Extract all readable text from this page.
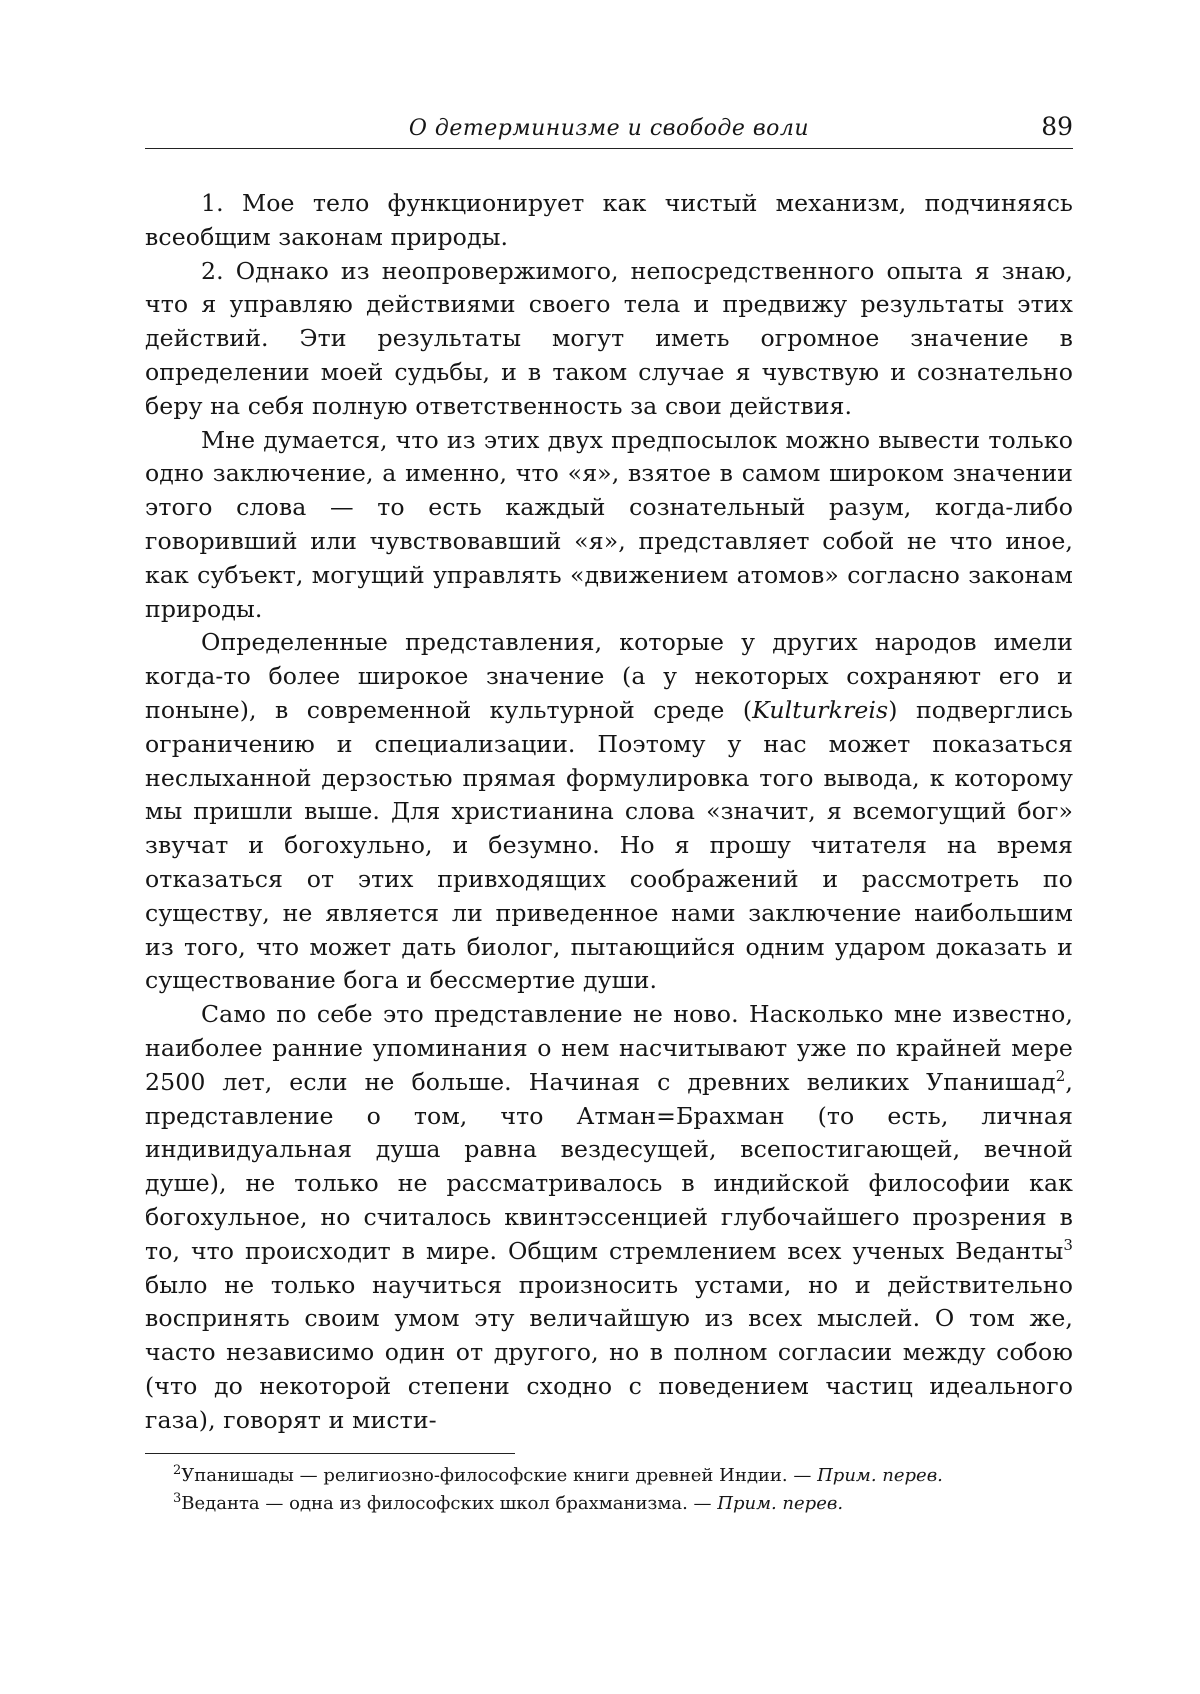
О детерминизме и свободе воли	89

1. Мое тело функционирует как чистый механизм, подчиняясь всеобщим законам природы.

2. Однако из неопровержимого, непосредственного опыта я знаю, что я управляю действиями своего тела и предвижу результаты этих действий. Эти результаты могут иметь огромное значение в определении моей судьбы, и в таком случае я чувствую и сознательно беру на себя полную ответственность за свои действия.

Мне думается, что из этих двух предпосылок можно вывести только одно заключение, а именно, что «я», взятое в самом широком значении этого слова — то есть каждый сознательный разум, когда-либо говоривший или чувствовавший «я», представляет собой не что иное, как субъект, могущий управлять «движением атомов» согласно законам природы.

Определенные представления, которые у других народов имели когда-то более широкое значение (а у некоторых сохраняют его и поныне), в современной культурной среде (Kulturkreis) подверглись ограничению и специализации. Поэтому у нас может показаться неслыханной дерзостью прямая формулировка того вывода, к которому мы пришли выше. Для христианина слова «значит, я всемогущий бог» звучат и богохульно, и безумно. Но я прошу читателя на время отказаться от этих привходящих соображений и рассмотреть по существу, не является ли приведенное нами заключение наибольшим из того, что может дать биолог, пытающийся одним ударом доказать и существование бога и бессмертие души.

Само по себе это представление не ново. Насколько мне известно, наиболее ранние упоминания о нем насчитывают уже по крайней мере 2500 лет, если не больше. Начиная с древних великих Упанишад$^2$, представление о том, что Атман=Брахман (то есть, личная индивидуальная душа равна вездесущей, всепостигающей, вечной душе), не только не рассматривалось в индийской философии как богохульное, но считалось квинтэссенцией глубочайшего прозрения в то, что происходит в мире. Общим стремлением всех ученых Веданты$^3$ было не только научиться произносить устами, но и действительно воспринять своим умом эту величайшую из всех мыслей. О том же, часто независимо один от другого, но в полном согласии между собою (что до некоторой степени сходно с поведением частиц идеального газа), говорят и мисти-

$^2$Упанишады — религиозно-философские книги древней Индии. — Прим. перев.

$^3$Веданта — одна из философских школ брахманизма. — Прим. перев.
